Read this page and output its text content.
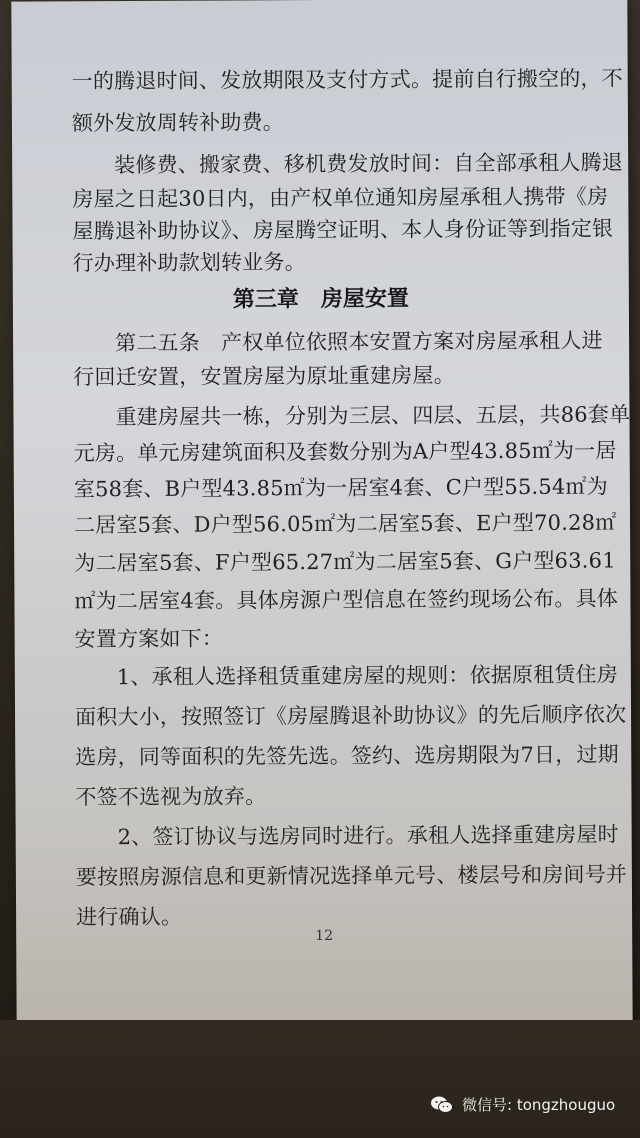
一的腾退时间、发放期限及支付方式。提前自行搬空的，不

额外发放周转补助费。

装修费、搬家费、移机费发放时间：自全部承租人腾退

房屋之日起30日内，由产权单位通知房屋承租人携带《房

屋腾退补助协议》、房屋腾空证明、本人身份证等到指定银

行办理补助款划转业务。

第三章　房屋安置

第二五条　产权单位依照本安置方案对房屋承租人进

行回迁安置，安置房屋为原址重建房屋。

重建房屋共一栋，分别为三层、四层、五层，共86套单

元房。单元房建筑面积及套数分别为A户型43.85㎡为一居

室58套、B户型43.85㎡为一居室4套、C户型55.54㎡为

二居室5套、D户型56.05㎡为二居室5套、E户型70.28㎡

为二居室5套、F户型65.27㎡为二居室5套、G户型63.61

㎡为二居室4套。具体房源户型信息在签约现场公布。具体

安置方案如下：

1、承租人选择租赁重建房屋的规则：依据原租赁住房

面积大小，按照签订《房屋腾退补助协议》的先后顺序依次

选房，同等面积的先签先选。签约、选房期限为7日，过期

不签不选视为放弃。

2、签订协议与选房同时进行。承租人选择重建房屋时

要按照房源信息和更新情况选择单元号、楼层号和房间号并

进行确认。

12

微信号: tongzhouguo
